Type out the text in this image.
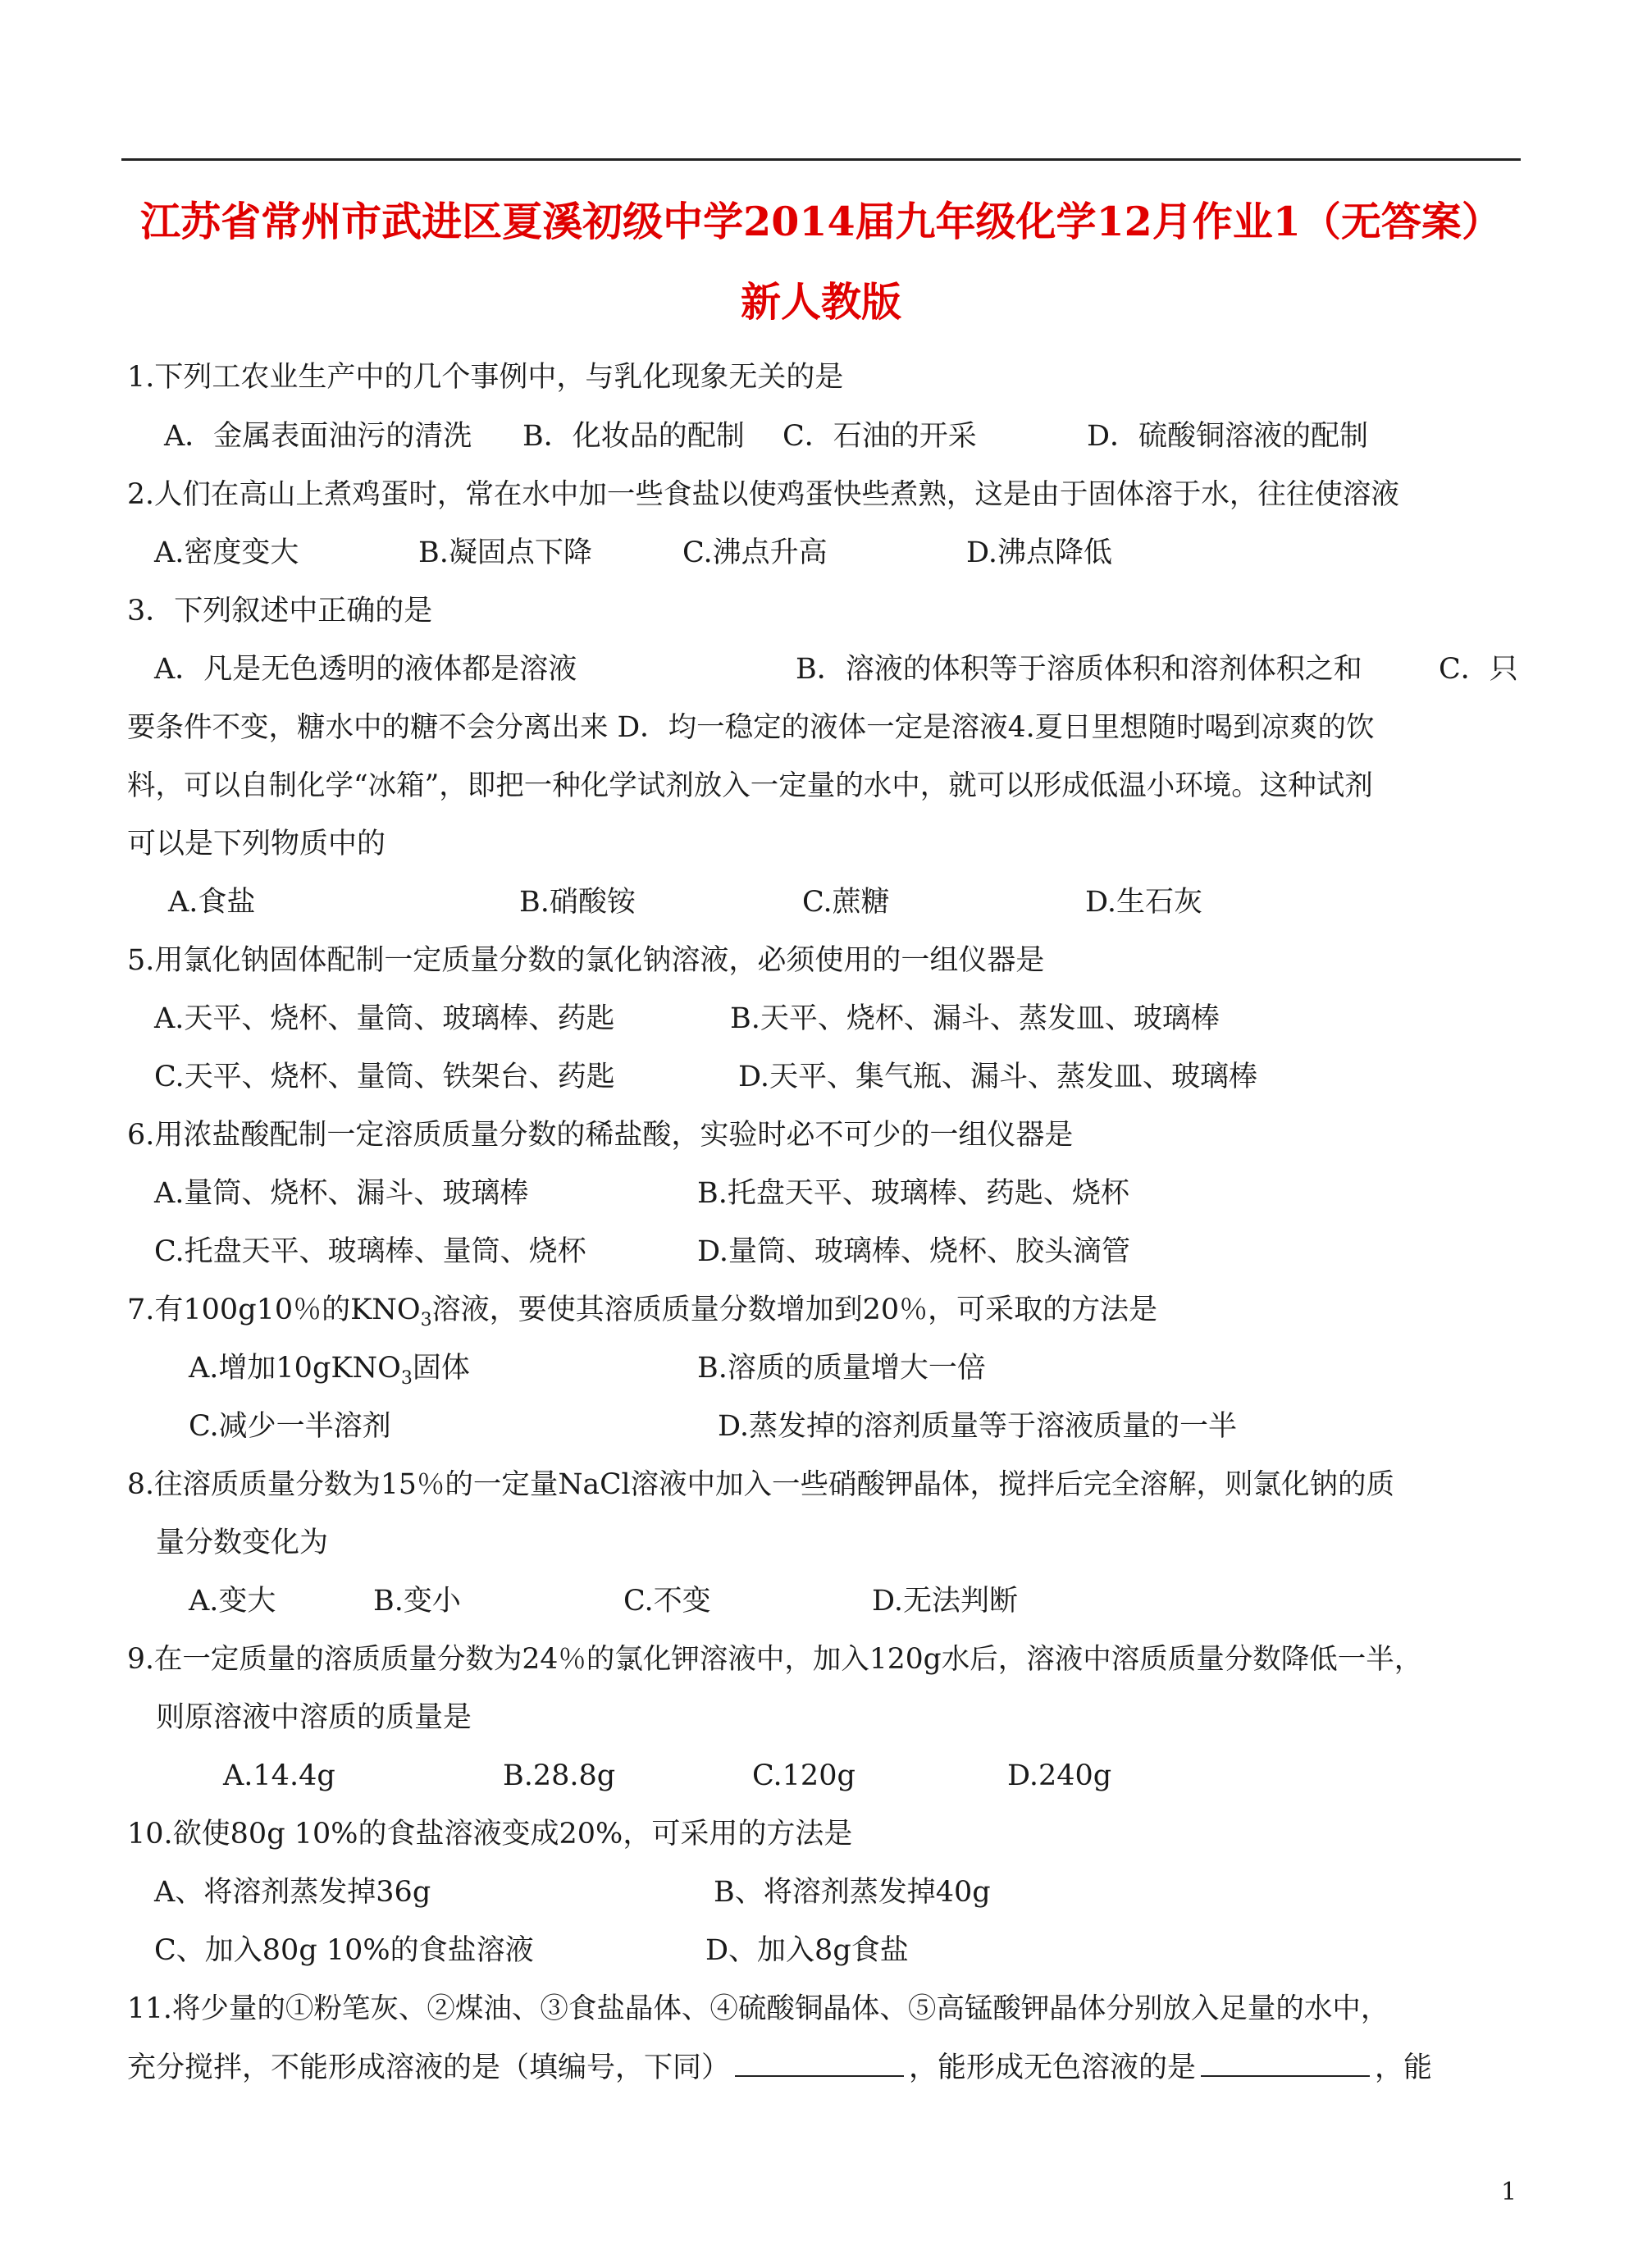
江苏省常州市武进区夏溪初级中学2014届九年级化学12月作业1（无答案）
新人教版
1.下列工农业生产中的几个事例中，与乳化现象无关的是
A．金属表面油污的清洗 B．化妆品的配制 C．石油的开采	D．硫酸铜溶液的配制
2.人们在高山上煮鸡蛋时，常在水中加一些食盐以使鸡蛋快些煮熟，这是由于固体溶于水，往往使溶液
A.密度变大	B.凝固点下降	C.沸点升高	D.沸点降低
3．下列叙述中正确的是
A．凡是无色透明的液体都是溶液	B．溶液的体积等于溶质体积和溶剂体积之和	C．只
要条件不变，糖水中的糖不会分离出来 D．均一稳定的液体一定是溶液4.夏日里想随时喝到凉爽的饮
料，可以自制化学“冰箱”，即把一种化学试剂放入一定量的水中，就可以形成低温小环境。这种试剂
可以是下列物质中的
A.食盐	B.硝酸铵	C.蔗糖	D.生石灰
5.用氯化钠固体配制一定质量分数的氯化钠溶液，必须使用的一组仪器是
A.天平、烧杯、量筒、玻璃棒、药匙	B.天平、烧杯、漏斗、蒸发皿、玻璃棒
C.天平、烧杯、量筒、铁架台、药匙	D.天平、集气瓶、漏斗、蒸发皿、玻璃棒
6.用浓盐酸配制一定溶质质量分数的稀盐酸，实验时必不可少的一组仪器是
A.量筒、烧杯、漏斗、玻璃棒	B.托盘天平、玻璃棒、药匙、烧杯
C.托盘天平、玻璃棒、量筒、烧杯	D.量筒、玻璃棒、烧杯、胶头滴管
7.有100g10％的$KNO_3$溶液，要使其溶质质量分数增加到20％，可采取的方法是
A.增加10gKNO$_3$固体	B.溶质的质量增大一倍
C.减少一半溶剂	D.蒸发掉的溶剂质量等于溶液质量的一半
8.往溶质质量分数为15％的一定量NaCl溶液中加入一些硝酸钾晶体，搅拌后完全溶解，则氯化钠的质
量分数变化为
A.变大	B.变小	C.不变	D.无法判断
9.在一定质量的溶质质量分数为24％的氯化钾溶液中，加入120g水后，溶液中溶质质量分数降低一半，
则原溶液中溶质的质量是
A.14.4g	B.28.8g	C.120g	D.240g
10.欲使80g 10%的食盐溶液变成20%，可采用的方法是
A、将溶剂蒸发掉36g	B、将溶剂蒸发掉40g
C、加入80g 10%的食盐溶液	D、加入8g食盐
11.将少量的①粉笔灰、②煤油、③食盐晶体、④硫酸铜晶体、⑤高锰酸钾晶体分别放入足量的水中，
充分搅拌，不能形成溶液的是（填编号，下同）	，能形成无色溶液的是	，能
1
